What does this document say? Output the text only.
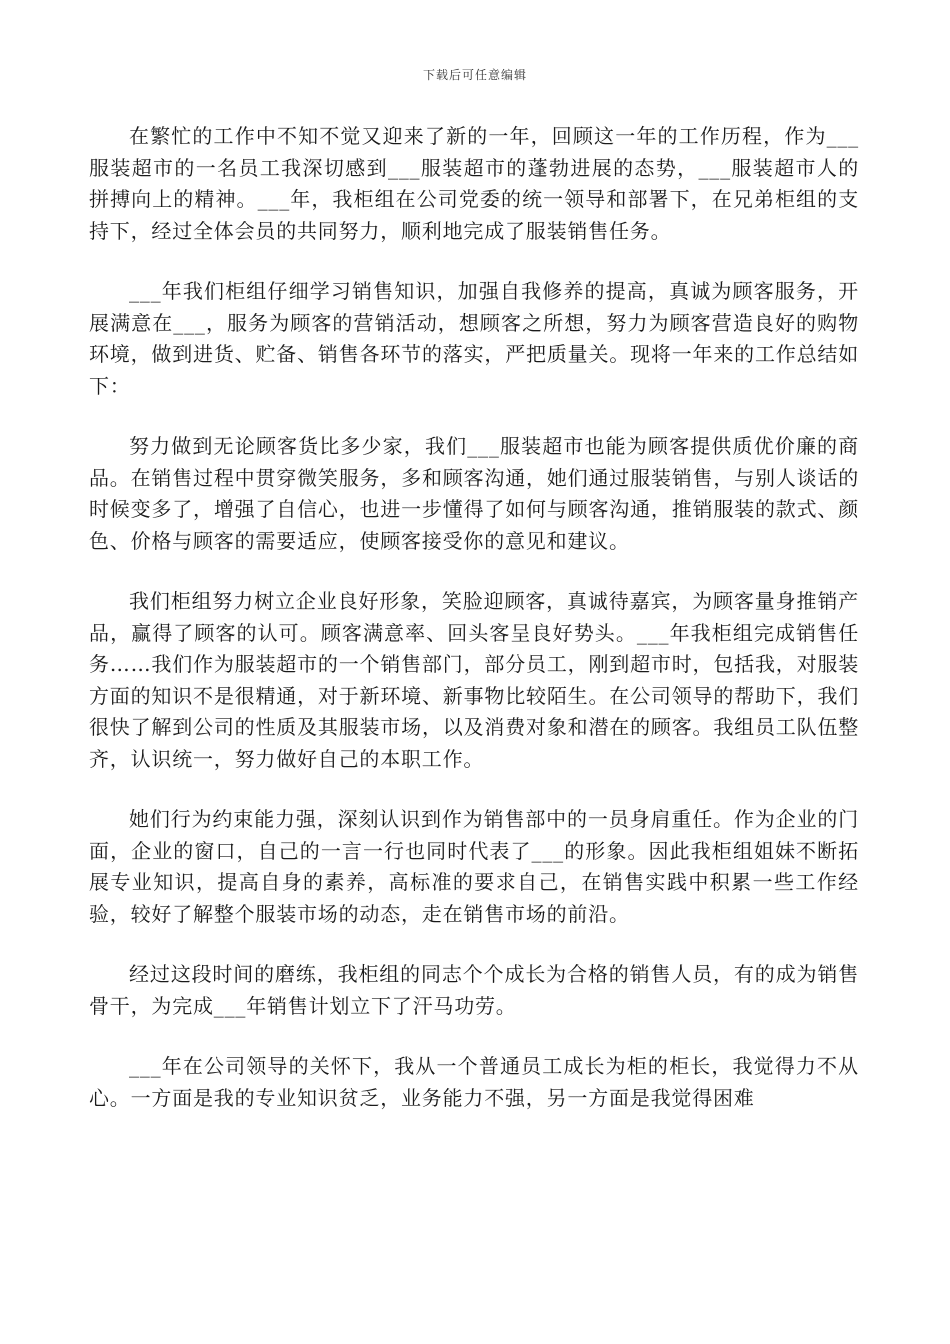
下载后可任意编辑

在繁忙的工作中不知不觉又迎来了新的一年，回顾这一年的工作历程，作为___服装超市的一名员工我深切感到___服装超市的蓬勃进展的态势，___服装超市人的拼搏向上的精神。___年，我柜组在公司党委的统一领导和部署下，在兄弟柜组的支持下，经过全体会员的共同努力，顺利地完成了服装销售任务。

___年我们柜组仔细学习销售知识，加强自我修养的提高，真诚为顾客服务，开展满意在___，服务为顾客的营销活动，想顾客之所想，努力为顾客营造良好的购物环境，做到进货、贮备、销售各环节的落实，严把质量关。现将一年来的工作总结如下：

努力做到无论顾客货比多少家，我们___服装超市也能为顾客提供质优价廉的商品。在销售过程中贯穿微笑服务，多和顾客沟通，她们通过服装销售，与别人谈话的时候变多了，增强了自信心，也进一步懂得了如何与顾客沟通，推销服装的款式、颜色、价格与顾客的需要适应，使顾客接受你的意见和建议。

我们柜组努力树立企业良好形象，笑脸迎顾客，真诚待嘉宾，为顾客量身推销产品，赢得了顾客的认可。顾客满意率、回头客呈良好势头。___年我柜组完成销售任务……我们作为服装超市的一个销售部门，部分员工，刚到超市时，包括我，对服装方面的知识不是很精通，对于新环境、新事物比较陌生。在公司领导的帮助下，我们很快了解到公司的性质及其服装市场，以及消费对象和潜在的顾客。我组员工队伍整齐，认识统一，努力做好自己的本职工作。

她们行为约束能力强，深刻认识到作为销售部中的一员身肩重任。作为企业的门面，企业的窗口，自己的一言一行也同时代表了___的形象。因此我柜组姐妹不断拓展专业知识，提高自身的素养，高标准的要求自己，在销售实践中积累一些工作经验，较好了解整个服装市场的动态，走在销售市场的前沿。

经过这段时间的磨练，我柜组的同志个个成长为合格的销售人员，有的成为销售骨干，为完成___年销售计划立下了汗马功劳。

___年在公司领导的关怀下，我从一个普通员工成长为柜的柜长，我觉得力不从心。一方面是我的专业知识贫乏，业务能力不强，另一方面是我觉得困难
